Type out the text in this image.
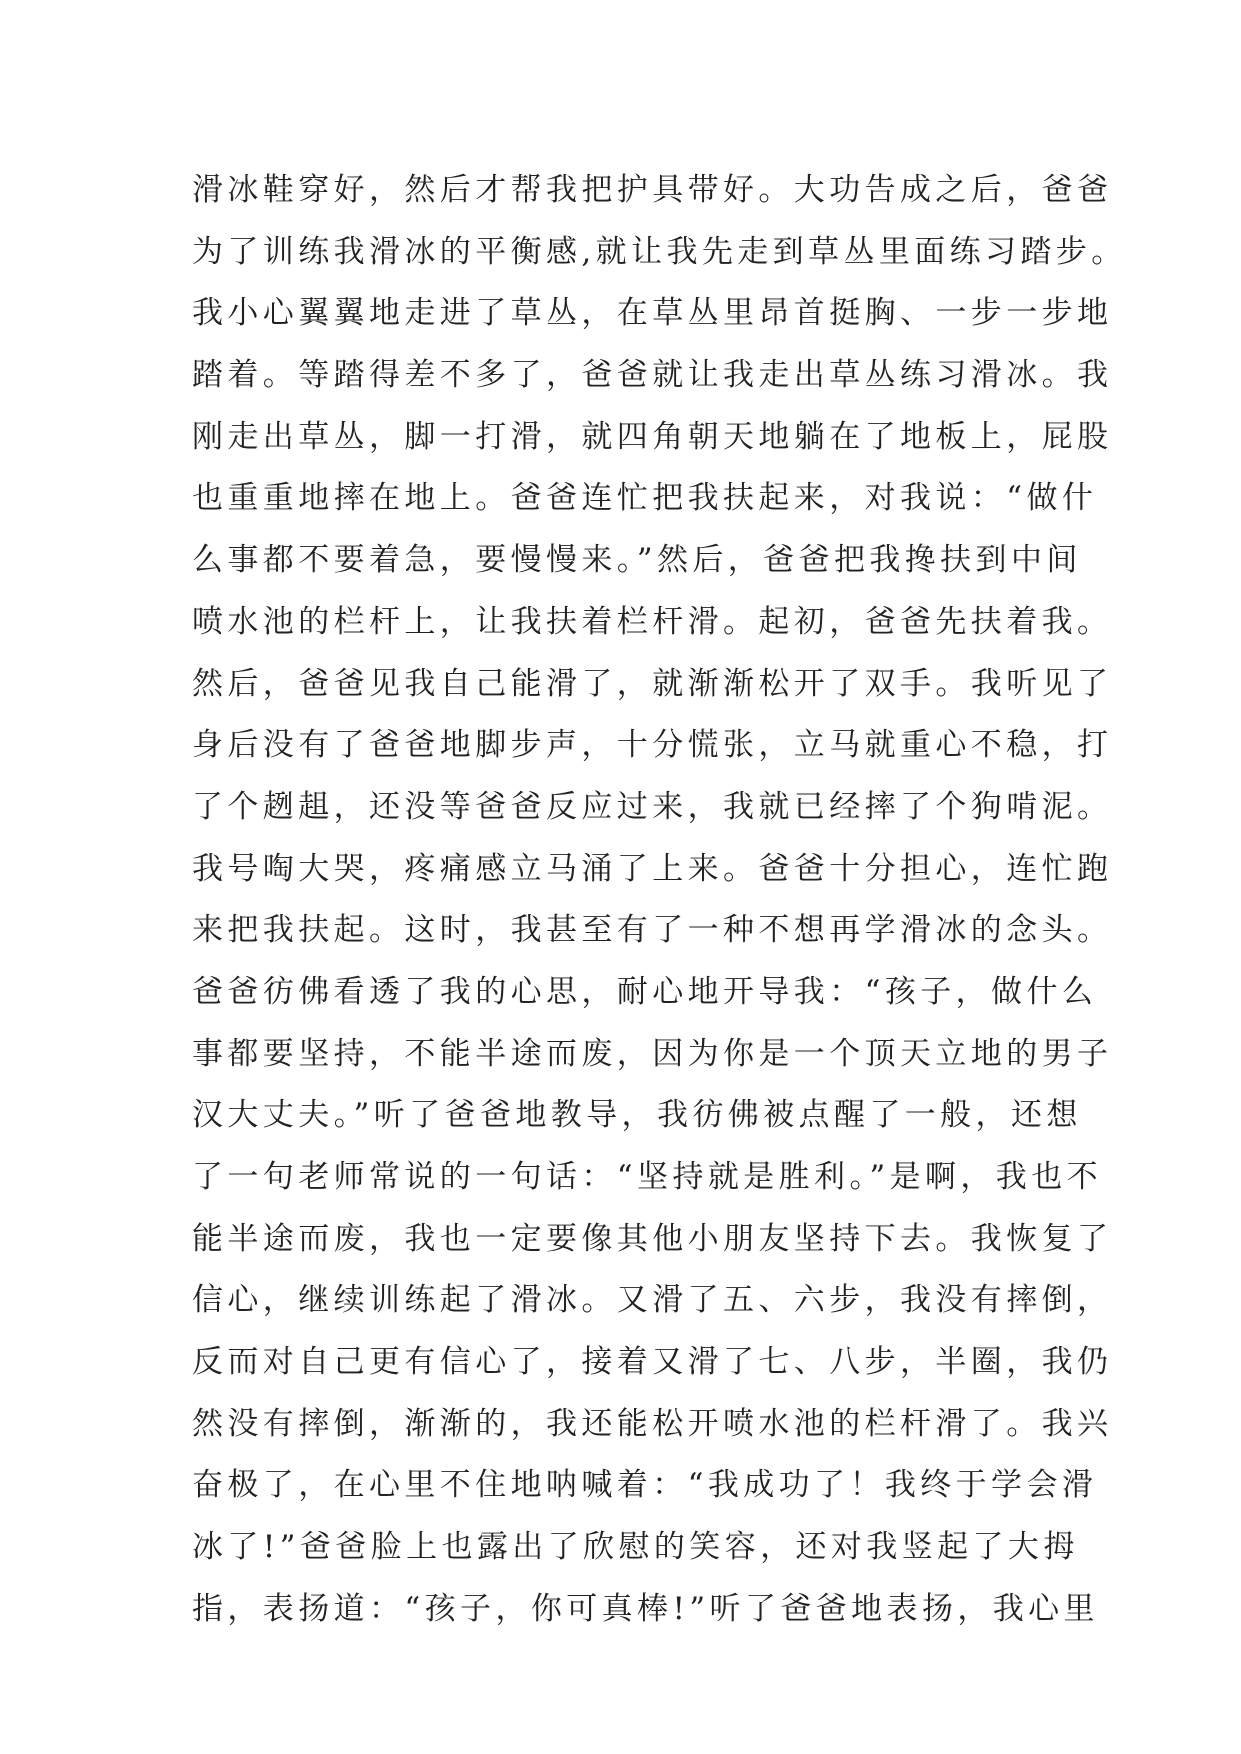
滑冰鞋穿好，然后才帮我把护具带好。大功告成之后，爸爸
为了训练我滑冰的平衡感,就让我先走到草丛里面练习踏步。
我小心翼翼地走进了草丛，在草丛里昂首挺胸、一步一步地
踏着。等踏得差不多了，爸爸就让我走出草丛练习滑冰。我
刚走出草丛，脚一打滑，就四角朝天地躺在了地板上，屁股
也重重地摔在地上。爸爸连忙把我扶起来，对我说：“做什
么事都不要着急，要慢慢来。”然后，爸爸把我搀扶到中间
喷水池的栏杆上，让我扶着栏杆滑。起初，爸爸先扶着我。
然后，爸爸见我自己能滑了，就渐渐松开了双手。我听见了
身后没有了爸爸地脚步声，十分慌张，立马就重心不稳，打
了个趔趄，还没等爸爸反应过来，我就已经摔了个狗啃泥。
我号啕大哭，疼痛感立马涌了上来。爸爸十分担心，连忙跑
来把我扶起。这时，我甚至有了一种不想再学滑冰的念头。
爸爸彷佛看透了我的心思，耐心地开导我：“孩子，做什么
事都要坚持，不能半途而废，因为你是一个顶天立地的男子
汉大丈夫。”听了爸爸地教导，我彷佛被点醒了一般，还想
了一句老师常说的一句话：“坚持就是胜利。”是啊，我也不
能半途而废，我也一定要像其他小朋友坚持下去。我恢复了
信心，继续训练起了滑冰。又滑了五、六步，我没有摔倒，
反而对自己更有信心了，接着又滑了七、八步，半圈，我仍
然没有摔倒，渐渐的，我还能松开喷水池的栏杆滑了。我兴
奋极了，在心里不住地呐喊着：“我成功了！我终于学会滑
冰了!”爸爸脸上也露出了欣慰的笑容，还对我竖起了大拇
指，表扬道：“孩子，你可真棒!”听了爸爸地表扬，我心里
